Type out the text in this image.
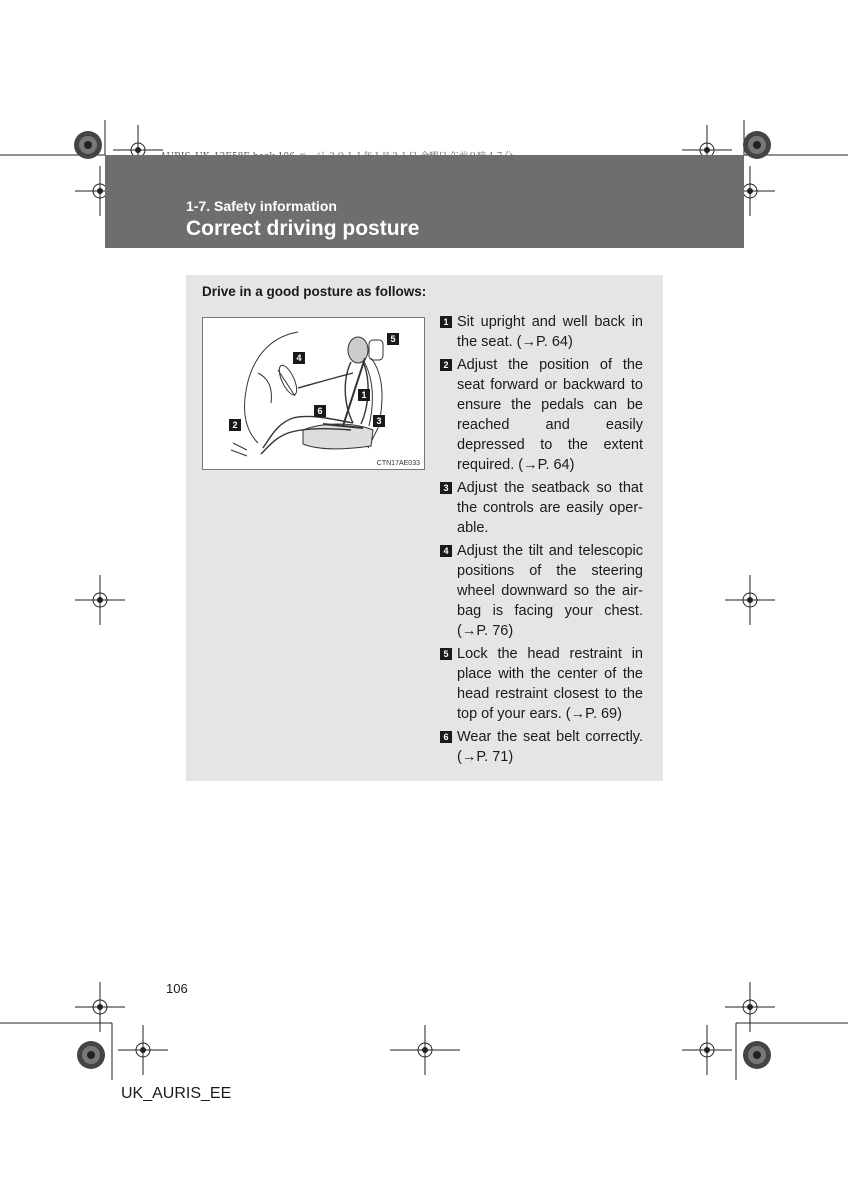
1-7. Safety information
Correct driving posture
Drive in a good posture as follows:
1
2	3
4
5
6
CTN17AE033
1 Sit upright and well back in the seat. (→P. 64)
2 Adjust the position of the seat forward or backward to ensure the pedals can be reached and easily depressed to the extent required. (→P. 64)
3 Adjust the seatback so that the controls are easily oper-able.
4 Adjust the tilt and telescopic positions of the steering wheel downward so the air-bag is facing your chest. (→P. 76)
5 Lock the head restraint in place with the center of the head restraint closest to the top of your ears. (→P. 69)
6 Wear the seat belt correctly. (→P. 71)
106
UK_AURIS_EE
